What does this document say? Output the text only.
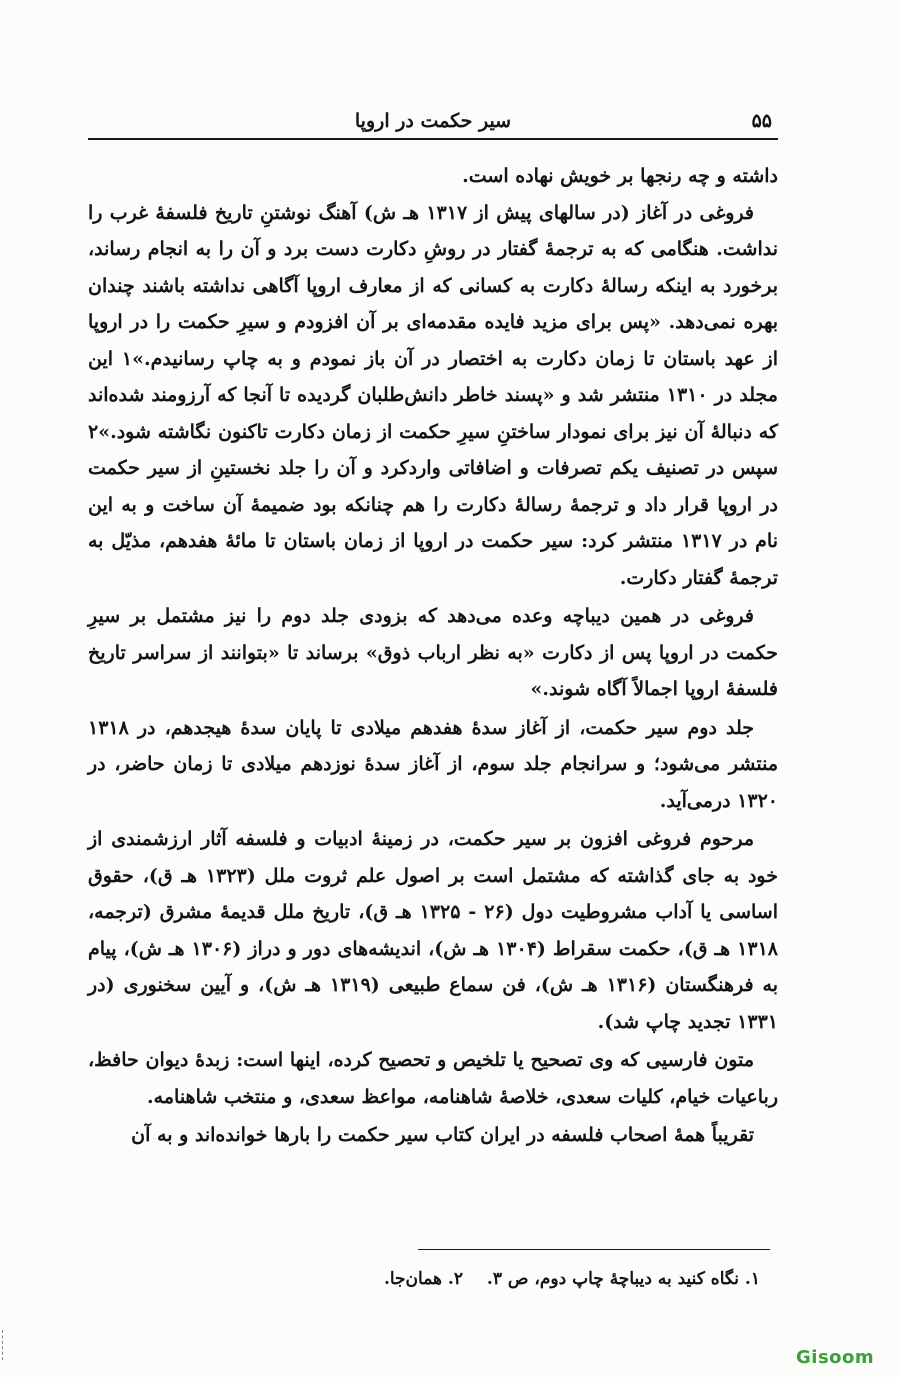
۵۵
سیر حکمت در اروپا

داشته و چه رنجها بر خویش نهاده است.

فروغی در آغاز (در سالهای پیش از ۱۳۱۷ هـ ش) آهنگ نوشتنِ تاریخ فلسفهٔ غرب را نداشت. هنگامی که به ترجمهٔ گفتار در روشِ دکارت دست برد و آن را به انجام رساند، برخورد به اینکه رسالهٔ دکارت به کسانی که از معارف اروپا آگاهی نداشته باشند چندان بهره نمی‌دهد. «پس برای مزید فایده مقدمه‌ای بر آن افزودم و سیرِ حکمت را در اروپا از عهد باستان تا زمان دکارت به اختصار در آن باز نمودم و به چاپ رسانیدم.»۱ این مجلد در ۱۳۱۰ منتشر شد و «پسند خاطر دانش‌طلبان گردیده تا آنجا که آرزومند شده‌اند که دنبالهٔ آن نیز برای نمودار ساختنِ سیرِ حکمت از زمان دکارت تاکنون نگاشته شود.»۲ سپس در تصنیف یکم تصرفات و اضافاتی واردکرد و آن را جلد نخستینِ از سیر حکمت در اروپا قرار داد و ترجمهٔ رسالهٔ دکارت را هم چنانکه بود ضمیمهٔ آن ساخت و به این نام در ۱۳۱۷ منتشر کرد: سیر حکمت در اروپا از زمان باستان تا مائهٔ هفدهم، مذیّل به ترجمهٔ گفتار دکارت.

فروغی در همین دیباچه وعده می‌دهد که بزودی جلد دوم را نیز مشتمل بر سیرِ حکمت در اروپا پس از دکارت «به نظر ارباب ذوق» برساند تا «بتوانند از سراسر تاریخ فلسفهٔ اروپا اجمالاً آگاه شوند.»

جلد دوم سیر حکمت، از آغاز سدهٔ هفدهم میلادی تا پایان سدهٔ هیجدهم، در ۱۳۱۸ منتشر می‌شود؛ و سرانجام جلد سوم، از آغاز سدهٔ نوزدهم میلادی تا زمان حاضر، در ۱۳۲۰ درمی‌آید.

مرحوم فروغی افزون بر سیر حکمت، در زمینهٔ ادبیات و فلسفه آثار ارزشمندی از خود به جای گذاشته که مشتمل است بر اصول علم ثروت ملل (۱۳۲۳ هـ ق)، حقوق اساسی یا آداب مشروطیت دول (۲۶ - ۱۳۲۵ هـ ق)، تاریخ ملل قدیمهٔ مشرق (ترجمه، ۱۳۱۸ هـ ق)، حکمت سقراط (۱۳۰۴ هـ ش)، اندیشه‌های دور و دراز (۱۳۰۶ هـ ش)، پیام به فرهنگستان (۱۳۱۶ هـ ش)، فن سماع طبیعی (۱۳۱۹ هـ ش)، و آیین سخنوری (در ۱۳۳۱ تجدید چاپ شد).

متون فارسیی که وی تصحیح یا تلخیص و تحصیح کرده، اینها است: زبدهٔ دیوان حافظ، رباعیات خیام، کلیات سعدی، خلاصهٔ شاهنامه، مواعظ سعدی، و منتخب شاهنامه.

تقریباً همهٔ اصحاب فلسفه در ایران کتاب سیر حکمت را بارها خوانده‌اند و به آن

۱. نگاه کنید به دیباچهٔ چاپ دوم، ص ۳. ۲. همان‌جا.
Gisoom
